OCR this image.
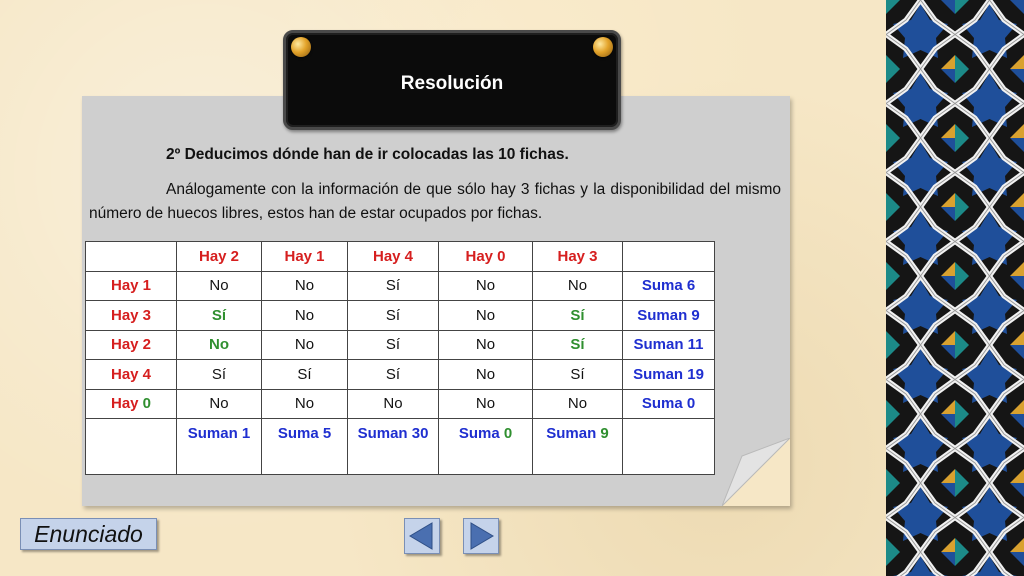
Resolución
2º Deducimos dónde han de ir colocadas las 10 fichas.
Análogamente con la información de que sólo hay 3 fichas y la disponibilidad del mismo número de huecos libres, estos han de estar ocupados por fichas.
	Hay 2	Hay 1	Hay 4	Hay 0	Hay 3	
Hay 1	No	No	Sí	No	No	Suma 6
Hay 3	Sí	No	Sí	No	Sí	Suman 9
Hay 2	No	No	Sí	No	Sí	Suman 11
Hay 4	Sí	Sí	Sí	No	Sí	Suman 19
Hay 0	No	No	No	No	No	Suma 0
	Suman 1	Suma 5	Suman 30	Suma 0	Suman 9	
Enunciado
